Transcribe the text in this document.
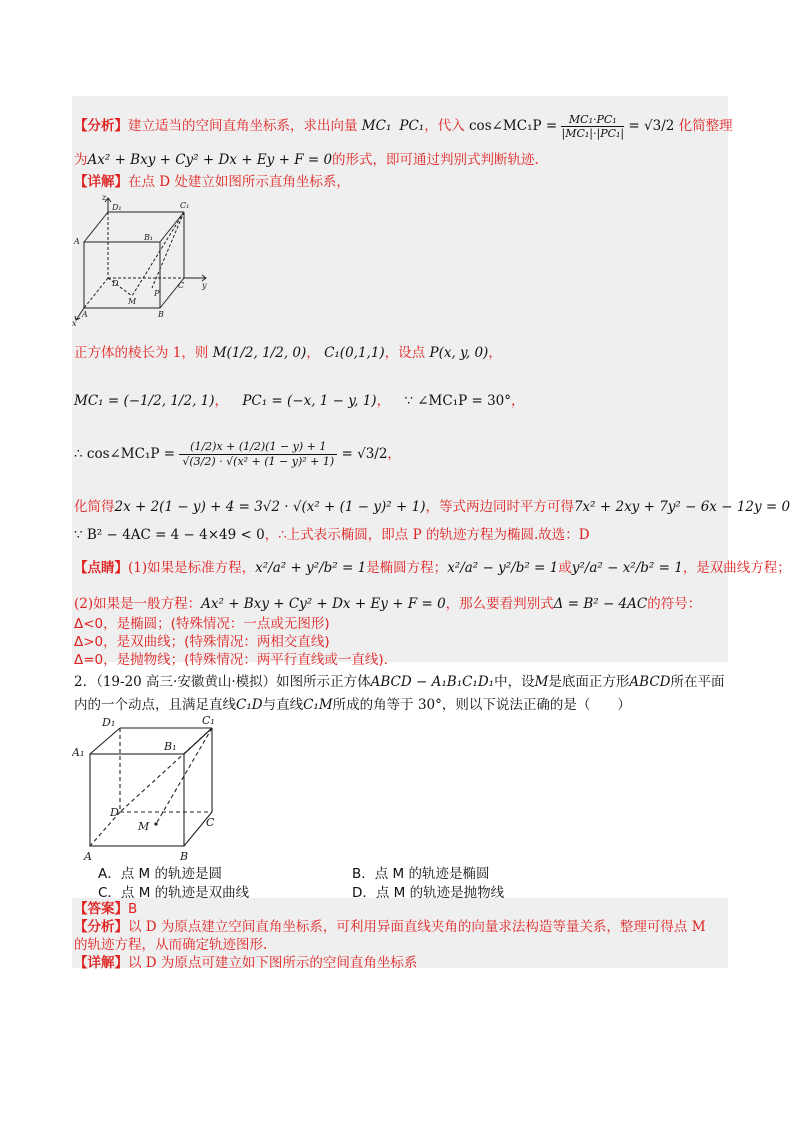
【分析】建立适当的空间直角坐标系，求出向量 MC₁ PC₁，代入 cos∠MC₁P = $\frac{\text{MC₁·PC₁}}{\text{|MC₁|·|PC₁|}} = √3/2$ 化简整理
为Ax² + Bxy + Cy² + Dx + Ey + F = 0的形式，即可通过判别式判断轨迹.
【详解】在点 D 处建立如图所示直角坐标系，
D₁	C₁
A	B₁
D	C y
M
P
A	B
x
z
正方体的棱长为 1，则 M(1/2, 1/2, 0)， C₁(0,1,1)，设点 P(x, y, 0)，
MC₁ = (−1/2, 1/2, 1)， PC₁ = (−x, 1 − y, 1)， ∵ ∠MC₁P = 30°，
∴ cos∠MC₁P = $\frac{(1/2)x + (1/2)(1 - y) + 1}{\text{√(3/2) · √(x² + (1 − y)² + 1)}} = √3/2$，
化简得2x + 2(1 − y) + 4 = 3√2 · √(x² + (1 − y)² + 1)，等式两边同时平方可得7x² + 2xy + 7y² − 6x − 12y = 0
∵ B² − 4AC = 4 − 4×49 < 0，∴上式表示椭圆，即点 P 的轨迹方程为椭圆.故选：D
【点睛】(1)如果是标准方程，x²/a² + y²/b² = 1是椭圆方程；x²/a² − y²/b² = 1或y²/a² − x²/b² = 1，是双曲线方程；
(2)如果是一般方程：Ax² + Bxy + Cy² + Dx + Ey + F = 0，那么要看判别式Δ = B² − 4AC的符号：
Δ<0，是椭圆；(特殊情况：一点或无图形)
Δ>0，是双曲线；(特殊情况：两相交直线)
Δ=0，是抛物线；(特殊情况：两平行直线或一直线).
2．（19-20 高三·安徽黄山·模拟）如图所示正方体ABCD − A₁B₁C₁D₁中，设M是底面正方形ABCD所在平面
内的一个动点，且满足直线C₁D与直线C₁M所成的角等于 30°，则以下说法正确的是（　　）
D₁	C₁
A₁	B₁
D
M	C
A	B
A．点 M 的轨迹是圆	B．点 M 的轨迹是椭圆
C．点 M 的轨迹是双曲线	D．点 M 的轨迹是抛物线
【答案】B
【分析】以 D 为原点建立空间直角坐标系，可利用异面直线夹角的向量求法构造等量关系，整理可得点 M
的轨迹方程，从而确定轨迹图形.
【详解】以 D 为原点可建立如下图所示的空间直角坐标系
